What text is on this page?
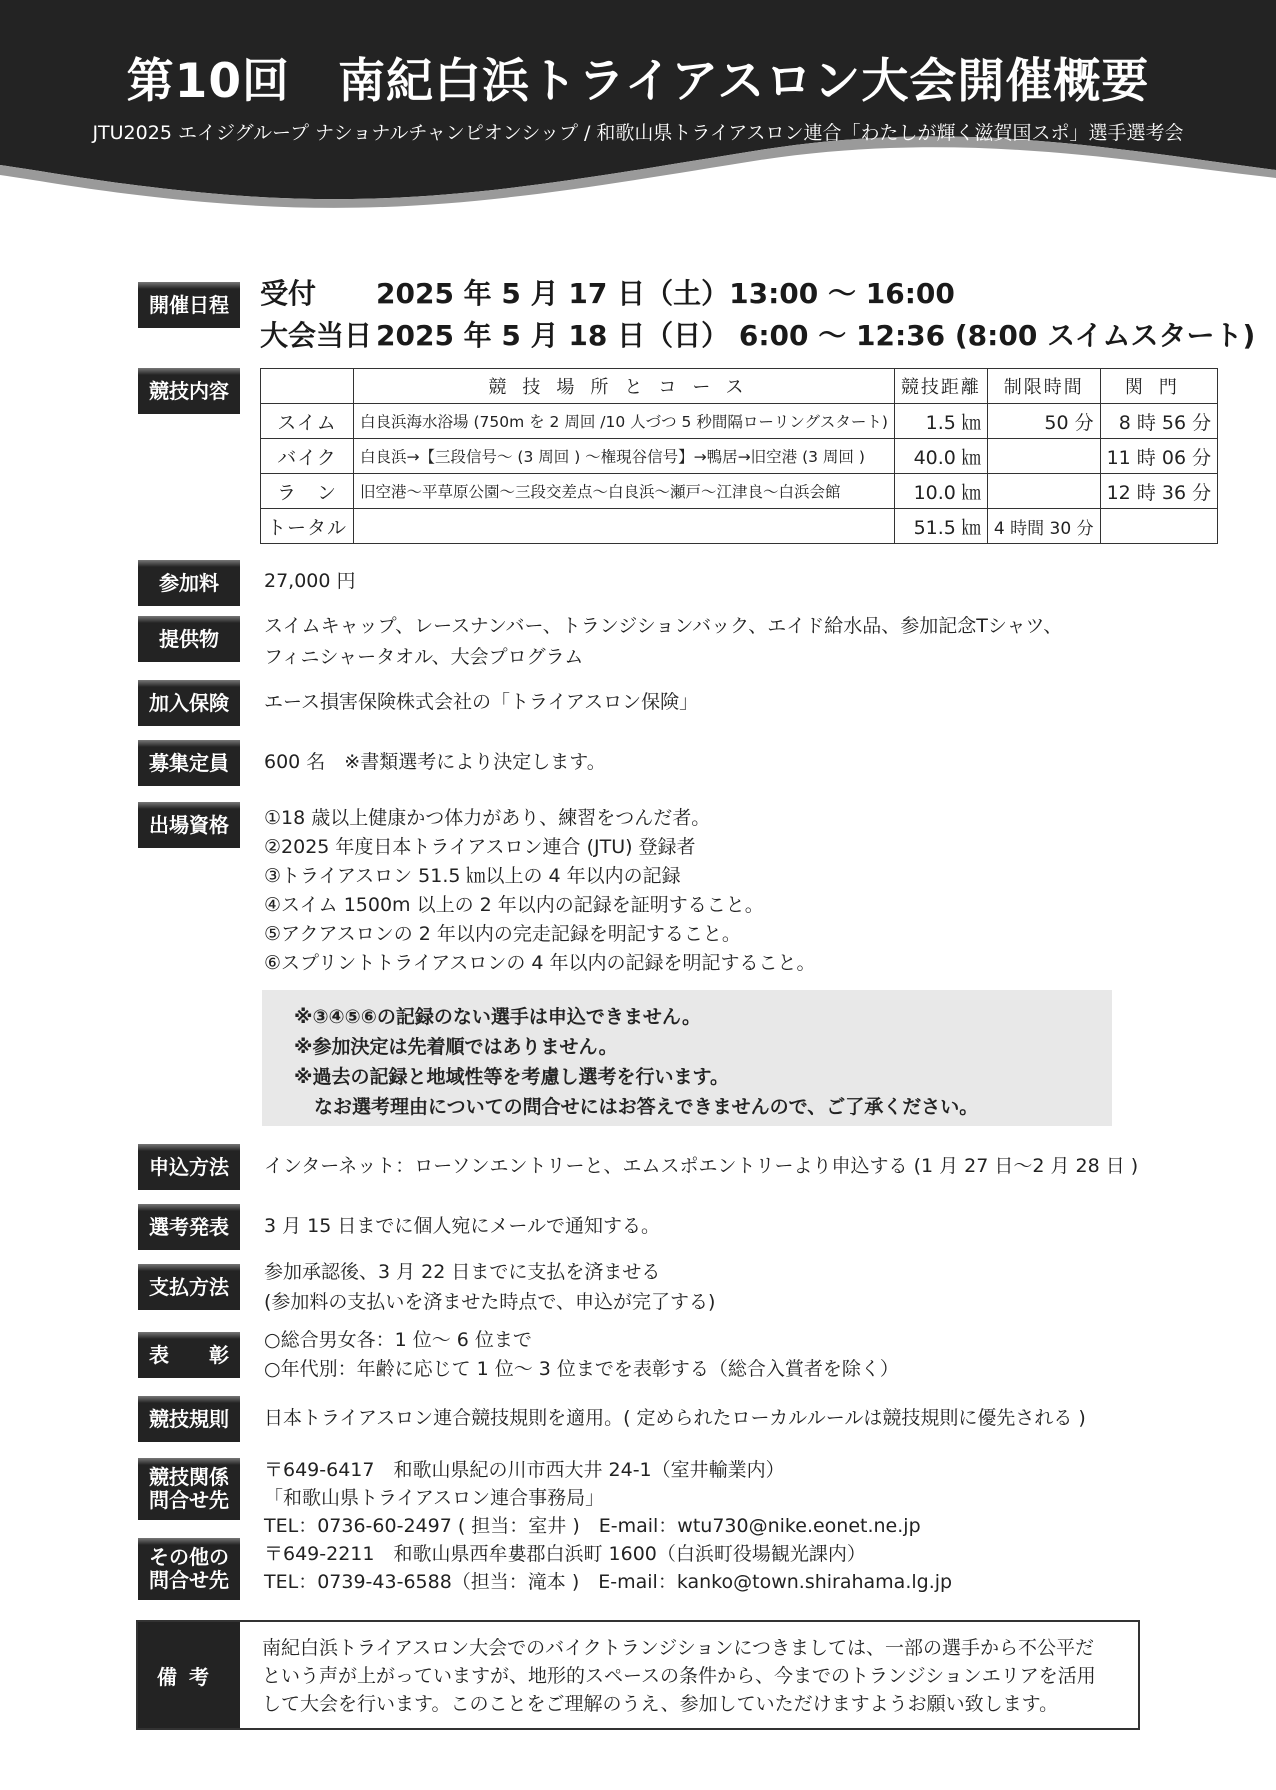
第10回　南紀白浜トライアスロン大会開催概要

JTU2025 エイジグループ ナショナルチャンピオンシップ / 和歌山県トライアスロン連合「わたしが輝く滋賀国スポ」選手選考会

開催日程 受付 2025 年 5 月 17 日（土）13:00 ～ 16:00
大会当日 2025 年 5 月 18 日（日） 6:00 ～ 12:36 (8:00 スイムスタート)
競技内容
		競技場所とコース	競技距離	制限時間	関門
スイム	白良浜海水浴場 (750m を 2 周回 /10 人づつ 5 秒間隔ローリングスタート)	1.5 ㎞	50 分	8 時 56 分
バイク	白良浜→【三段信号～ (3 周回 ) ～権現谷信号】→鴨居→旧空港 (3 周回 )	40.0 ㎞		11 時 06 分
ラ　ン	旧空港～平草原公園～三段交差点～白良浜～瀬戸～江津良～白浜会館	10.0 ㎞		12 時 36 分
トータル		51.5 ㎞	4 時間 30 分	
参加料 27,000 円

提供物

スイムキャップ、レースナンバー、トランジションバック、エイド給水品、参加記念Tシャツ、

フィニシャータオル、大会プログラム

加入保険 エース損害保険株式会社の「トライアスロン保険」

募集定員 600 名　※書類選考により決定します。

出場資格 ①18 歳以上健康かつ体力があり、練習をつんだ者。

②2025 年度日本トライアスロン連合 (JTU) 登録者

③トライアスロン 51.5 ㎞以上の 4 年以内の記録

④スイム 1500m 以上の 2 年以内の記録を証明すること。

⑤アクアスロンの 2 年以内の完走記録を明記すること。

⑥スプリントトライアスロンの 4 年以内の記録を明記すること。

※③④⑤⑥の記録のない選手は申込できません。

※参加決定は先着順ではありません。

※過去の記録と地域性等を考慮し選考を行います。

なお選考理由についての問合せにはお答えできませんので、ご了承ください。

申込方法 インターネット：ローソンエントリーと、エムスポエントリーより申込する (1 月 27 日～2 月 28 日 )

選考発表 3 月 15 日までに個人宛にメールで通知する。

支払方法

参加承認後、3 月 22 日までに支払を済ませる

(参加料の支払いを済ませた時点で、申込が完了する)

表　　彰

○総合男女各：1 位～ 6 位まで

○年代別：年齢に応じて 1 位～ 3 位までを表彰する（総合入賞者を除く）

競技規則 日本トライアスロン連合競技規則を適用。( 定められたローカルルールは競技規則に優先される )

競技関係
問合せ先

〒649-6417　和歌山県紀の川市西大井 24-1（室井輸業内）

「和歌山県トライアスロン連合事務局」

TEL：0736-60-2497 ( 担当：室井 )　E-mail：wtu730@nike.eonet.ne.jp

その他の
問合せ先

〒649-2211　和歌山県西牟婁郡白浜町 1600（白浜町役場観光課内）

TEL：0739-43-6588（担当：滝本 )　E-mail：kanko@town.shirahama.lg.jp

備考

南紀白浜トライアスロン大会でのバイクトランジションにつきましては、一部の選手から不公平だ
という声が上がっていますが、地形的スペースの条件から、今までのトランジションエリアを活用
して大会を行います。このことをご理解のうえ、参加していただけますようお願い致します。
